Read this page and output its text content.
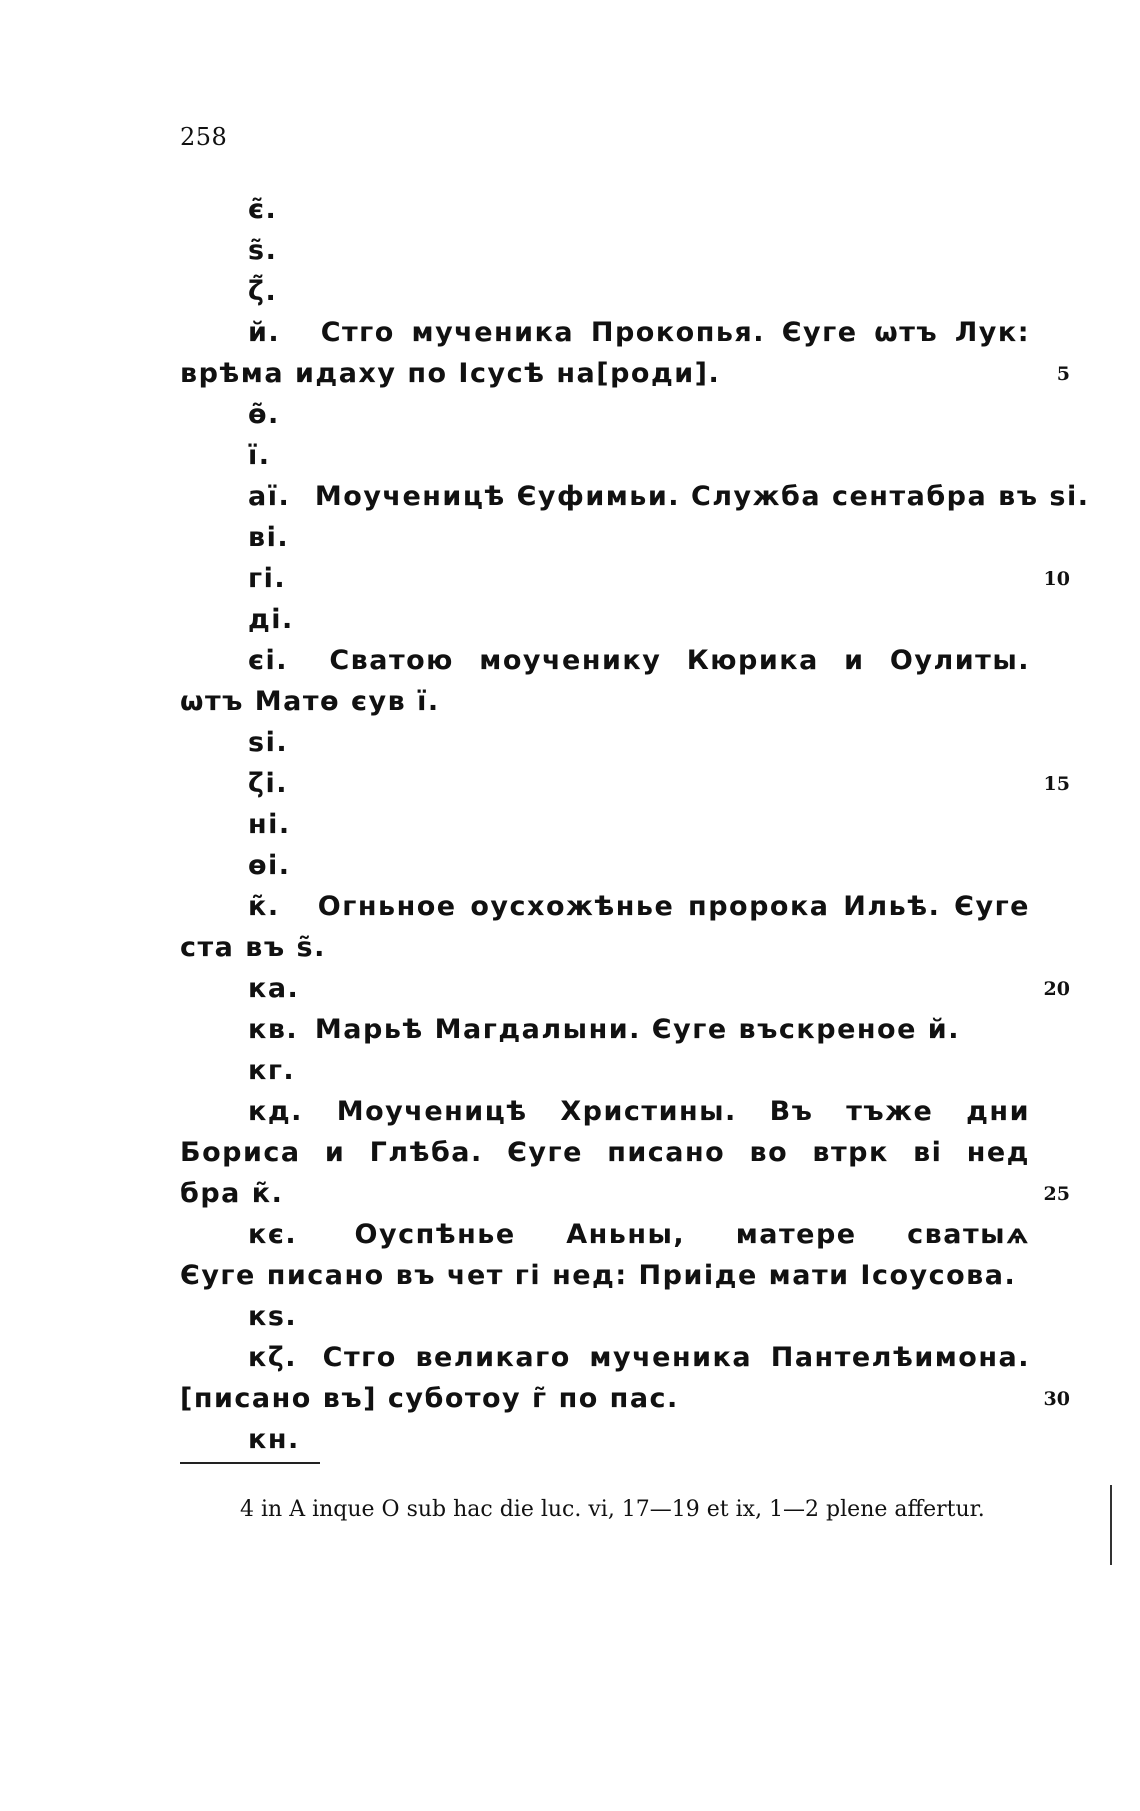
258
є̃.
ѕ̃.
ζ̃.
й. Стго мученика Прокопья. Єуге ѡтъ Лук:
врѣма идаху по Ісусѣ на[роди].
ѳ̃.
ї.
аї. Моученицѣ Єуфимьи. Служба сентабра въ ѕі.
ві.
гі.
ді.
єі. Сватою моученику Кюрика и Оулиты.
ѡтъ Матѳ єув ї.
ѕі.
ζі.
ні.
ѳі.
к̃. Огньное оусхожѣнье пророка Ильѣ. Єуге
ста въ ѕ̃.
ка.
кв. Марьѣ Магдалыни. Єуге въскреное й.
кг.
кд. Моученицѣ Христины. Въ тъже дни
Бориса и Глѣба. Єуге писано во втрк ві нед
бра к̃.
кє. Оуспѣнье Аньны, матере сватыѧ
Єуге писано въ чет гі нед: Приіде мати Ісоусова.
кѕ.
кζ. Стго великаго мученика Пантелѣимона.
[писано въ] суботоу г̃ по пас.
кн.
5
10
15
20
25
30
4 in A inque O sub hac die luc. vi, 17—19 et ix, 1—2 plene affertur.
